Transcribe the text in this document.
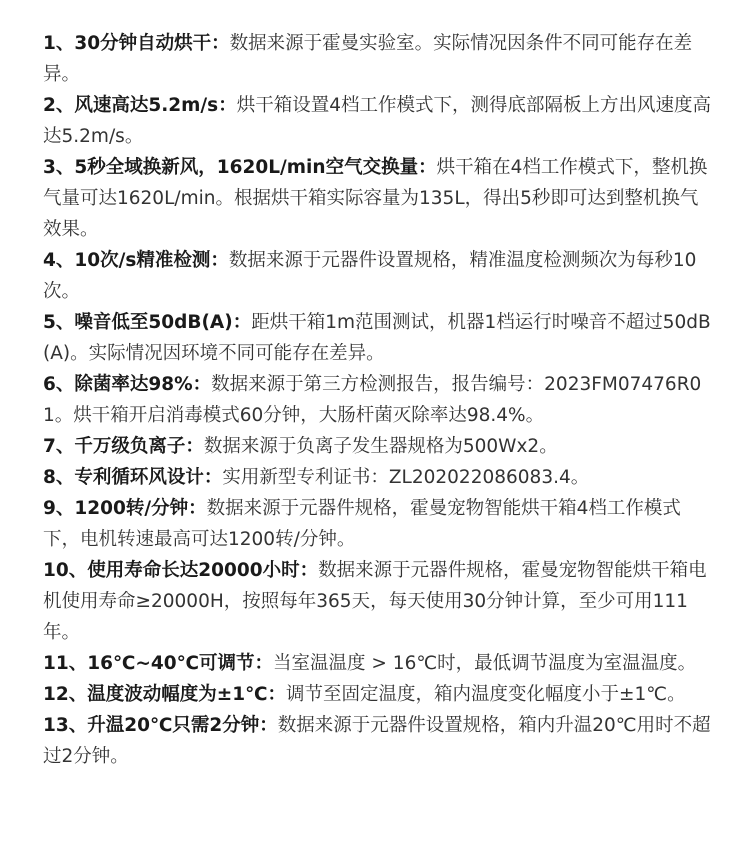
1、30分钟自动烘干：数据来源于霍曼实验室。实际情况因条件不同可能存在差异。
2、风速高达5.2m/s：烘干箱设置4档工作模式下，测得底部隔板上方出风速度高达5.2m/s。
3、5秒全域换新风，1620L/min空气交换量：烘干箱在4档工作模式下，整机换气量可达1620L/min。根据烘干箱实际容量为135L，得出5秒即可达到整机换气效果。
4、10次/s精准检测：数据来源于元器件设置规格，精准温度检测频次为每秒10次。
5、噪音低至50dB(A)：距烘干箱1m范围测试，机器1档运行时噪音不超过50dB(A)。实际情况因环境不同可能存在差异。
6、除菌率达98%：数据来源于第三方检测报告，报告编号：2023FM07476R01。烘干箱开启消毒模式60分钟，大肠杆菌灭除率达98.4%。
7、千万级负离子：数据来源于负离子发生器规格为500Wx2。
8、专利循环风设计：实用新型专利证书：ZL202022086083.4。
9、1200转/分钟：数据来源于元器件规格，霍曼宠物智能烘干箱4档工作模式下，电机转速最高可达1200转/分钟。
10、使用寿命长达20000小时：数据来源于元器件规格，霍曼宠物智能烘干箱电机使用寿命≥20000H，按照每年365天，每天使用30分钟计算，至少可用111年。
11、16℃~40℃可调节：当室温温度 > 16℃时，最低调节温度为室温温度。
12、温度波动幅度为±1℃：调节至固定温度，箱内温度变化幅度小于±1℃。
13、升温20℃只需2分钟：数据来源于元器件设置规格，箱内升温20℃用时不超过2分钟。
